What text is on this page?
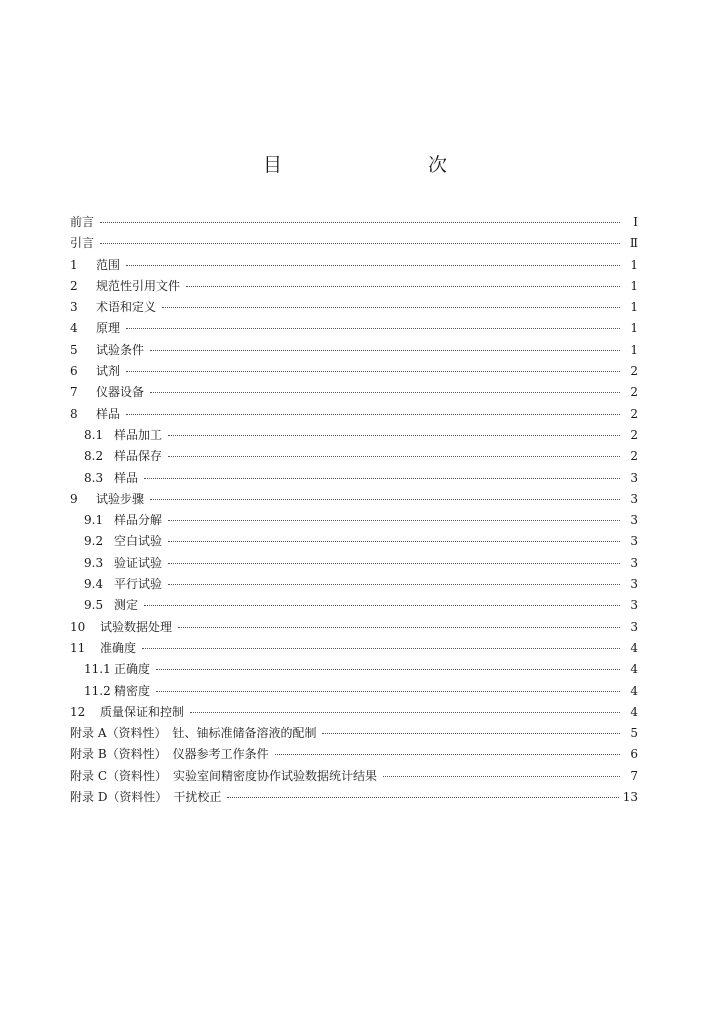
目　　次
前言	Ⅰ
引言	Ⅱ
1	范围	1
2	规范性引用文件	1
3	术语和定义	1
4	原理	1
5	试验条件	1
6	试剂	2
7	仪器设备	2
8	样品	2
8.1 样品加工	2
8.2 样品保存	2
8.3 样品	3
9	试验步骤	3
9.1 样品分解	3
9.2 空白试验	3
9.3 验证试验	3
9.4 平行试验	3
9.5 测定	3
10	试验数据处理	3
11	准确度	4
11.1 正确度	4
11.2 精密度	4
12	质量保证和控制	4
附录 A（资料性）　钍、铀标准储备溶液的配制	5
附录 B（资料性）　仪器参考工作条件	6
附录 C（资料性）　实验室间精密度协作试验数据统计结果	7
附录 D（资料性）　干扰校正	13
